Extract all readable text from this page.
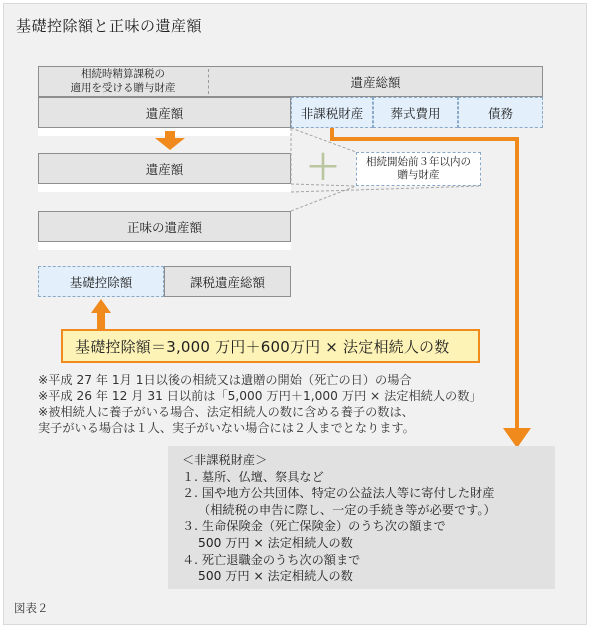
基礎控除額と正味の遺産額
相続時精算課税の
適用を受ける贈与財産	遺産総額
遺産額	非課税財産	葬式費用	債務
遺産額	＋	相続開始前３年以内の
贈与財産
正味の遺産額
基礎控除額	課税遺産総額
基礎控除額＝3,000 万円＋600万円 × 法定相続人の数
※平成 27 年 1月 1日以後の相続又は遺贈の開始（死亡の日）の場合
※平成 26 年 12 月 31 日以前は「5,000 万円＋1,000 万円 × 法定相続人の数」
※被相続人に養子がいる場合、法定相続人の数に含める養子の数は、
実子がいる場合は１人、実子がいない場合には２人までとなります。
＜非課税財産＞
１. 墓所、仏壇、祭具など
２. 国や地方公共団体、特定の公益法人等に寄付した財産
　 （相続税の申告に際し、一定の手続き等が必要です。）
３. 生命保険金（死亡保険金）のうち次の額まで
　 500 万円 × 法定相続人の数
４. 死亡退職金のうち次の額まで
　 500 万円 × 法定相続人の数
図表２
